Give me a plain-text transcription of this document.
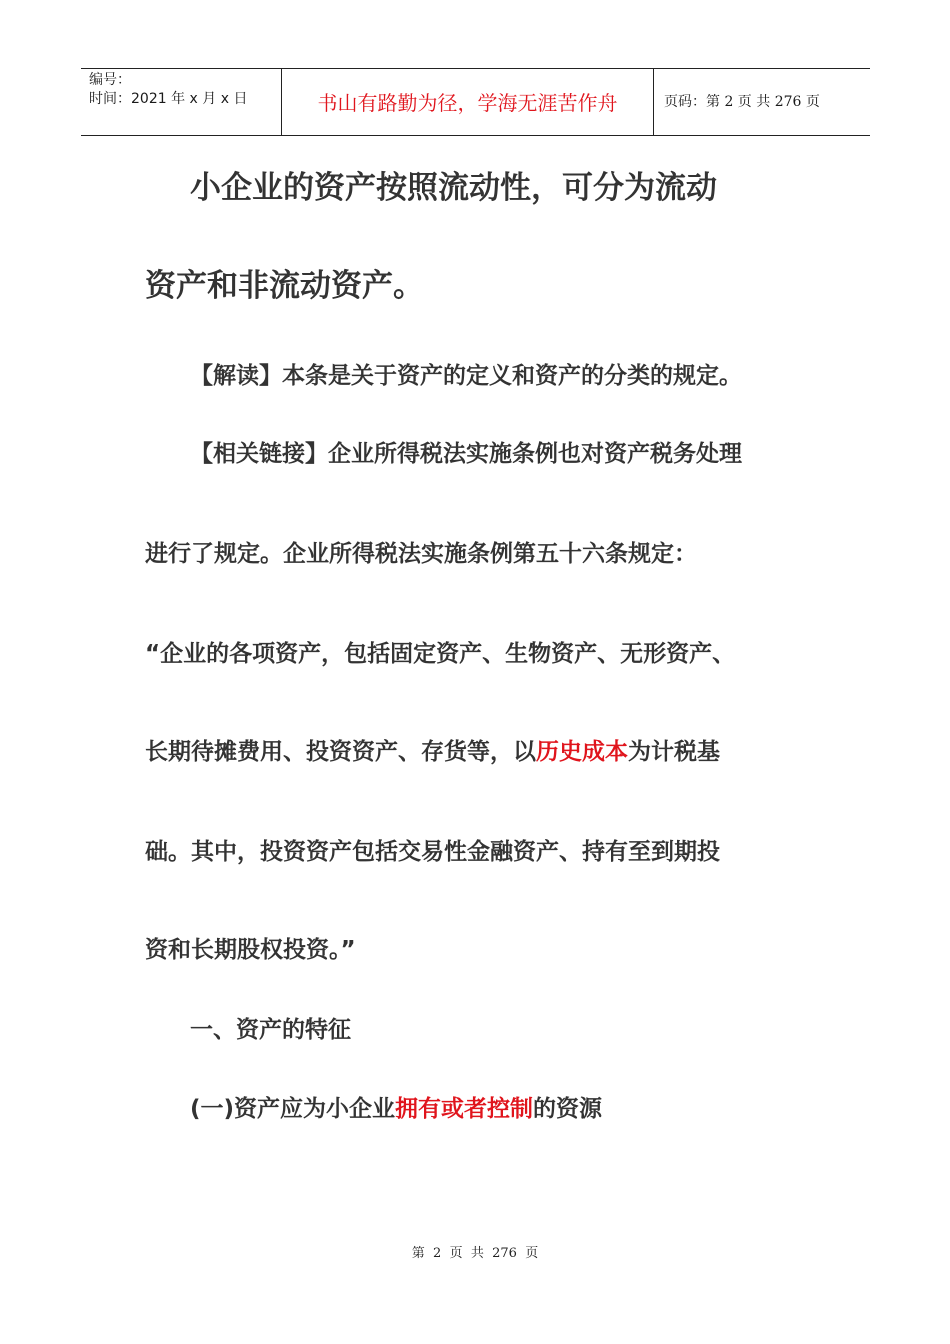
编号：
时间：2021 年 x 月 x 日	书山有路勤为径，学海无涯苦作舟	页码：第 2 页 共 276 页
小企业的资产按照流动性，可分为流动
资产和非流动资产。
【解读】本条是关于资产的定义和资产的分类的规定。
【相关链接】企业所得税法实施条例也对资产税务处理
进行了规定。企业所得税法实施条例第五十六条规定：
“企业的各项资产，包括固定资产、生物资产、无形资产、
长期待摊费用、投资资产、存货等，以历史成本为计税基
础。其中，投资资产包括交易性金融资产、持有至到期投
资和长期股权投资。”
一、资产的特征
(一)资产应为小企业拥有或者控制的资源
第  2  页  共  276  页
